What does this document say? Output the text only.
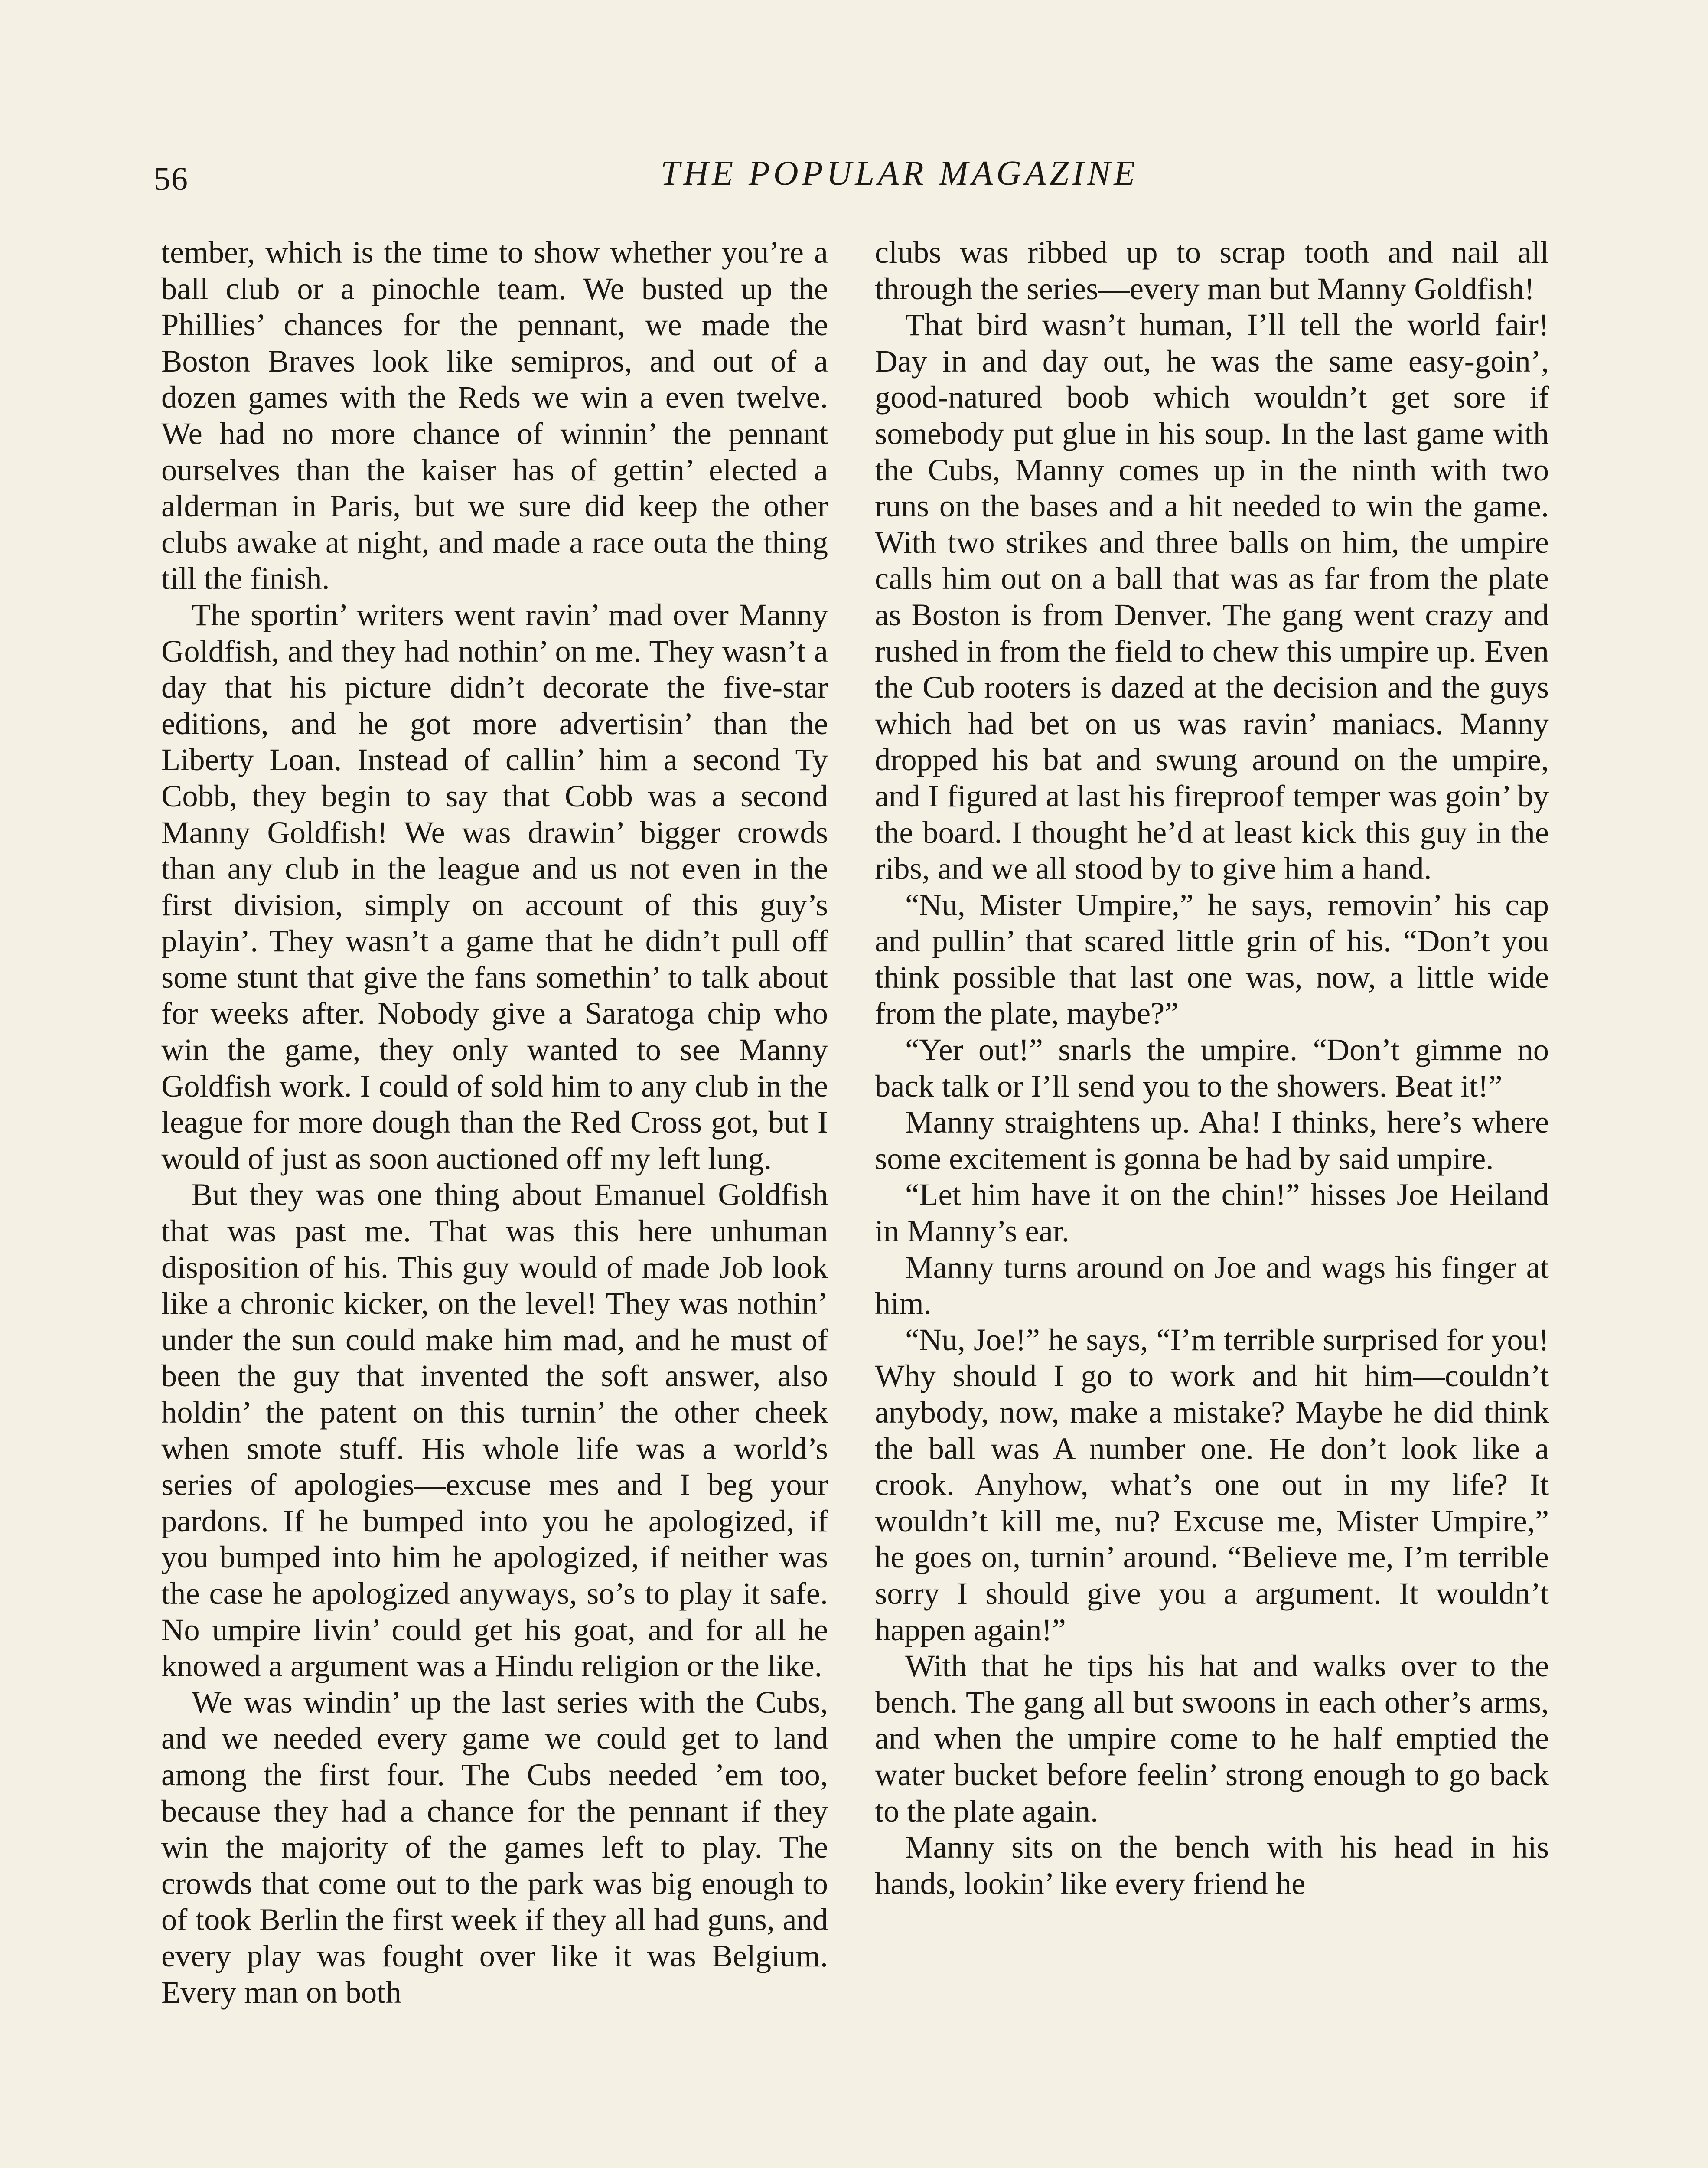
56	THE POPULAR MAGAZINE

tember, which is the time to show whether you’re a ball club or a pinochle team. We busted up the Phillies’ chances for the pennant, we made the Boston Braves look like semipros, and out of a dozen games with the Reds we win a even twelve. We had no more chance of winnin’ the pennant ourselves than the kaiser has of gettin’ elected a alderman in Paris, but we sure did keep the other clubs awake at night, and made a race outa the thing till the finish.

The sportin’ writers went ravin’ mad over Manny Goldfish, and they had nothin’ on me. They wasn’t a day that his picture didn’t decorate the five-star editions, and he got more advertisin’ than the Liberty Loan. Instead of callin’ him a second Ty Cobb, they begin to say that Cobb was a second Manny Goldfish! We was drawin’ bigger crowds than any club in the league and us not even in the first division, simply on account of this guy’s playin’. They wasn’t a game that he didn’t pull off some stunt that give the fans somethin’ to talk about for weeks after. Nobody give a Saratoga chip who win the game, they only wanted to see Manny Goldfish work. I could of sold him to any club in the league for more dough than the Red Cross got, but I would of just as soon auctioned off my left lung.

But they was one thing about Emanuel Goldfish that was past me. That was this here unhuman disposition of his. This guy would of made Job look like a chronic kicker, on the level! They was nothin’ under the sun could make him mad, and he must of been the guy that invented the soft answer, also holdin’ the patent on this turnin’ the other cheek when smote stuff. His whole life was a world’s series of apologies—excuse mes and I beg your pardons. If he bumped into you he apologized, if you bumped into him he apologized, if neither was the case he apologized anyways, so’s to play it safe. No umpire livin’ could get his goat, and for all he knowed a argument was a Hindu religion or the like.

We was windin’ up the last series with the Cubs, and we needed every game we could get to land among the first four. The Cubs needed ’em too, because they had a chance for the pennant if they win the majority of the games left to play. The crowds that come out to the park was big enough to of took Berlin the first week if they all had guns, and every play was fought over like it was Belgium. Every man on both

clubs was ribbed up to scrap tooth and nail all through the series—every man but Manny Goldfish!

That bird wasn’t human, I’ll tell the world fair! Day in and day out, he was the same easy-goin’, good-natured boob which wouldn’t get sore if somebody put glue in his soup. In the last game with the Cubs, Manny comes up in the ninth with two runs on the bases and a hit needed to win the game. With two strikes and three balls on him, the umpire calls him out on a ball that was as far from the plate as Boston is from Denver. The gang went crazy and rushed in from the field to chew this umpire up. Even the Cub rooters is dazed at the decision and the guys which had bet on us was ravin’ maniacs. Manny dropped his bat and swung around on the umpire, and I figured at last his fireproof temper was goin’ by the board. I thought he’d at least kick this guy in the ribs, and we all stood by to give him a hand.

“Nu, Mister Umpire,” he says, removin’ his cap and pullin’ that scared little grin of his. “Don’t you think possible that last one was, now, a little wide from the plate, maybe?”

“Yer out!” snarls the umpire. “Don’t gimme no back talk or I’ll send you to the showers. Beat it!”

Manny straightens up. Aha! I thinks, here’s where some excitement is gonna be had by said umpire.

“Let him have it on the chin!” hisses Joe Heiland in Manny’s ear.

Manny turns around on Joe and wags his finger at him.

“Nu, Joe!” he says, “I’m terrible surprised for you! Why should I go to work and hit him—couldn’t anybody, now, make a mistake? Maybe he did think the ball was A number one. He don’t look like a crook. Anyhow, what’s one out in my life? It wouldn’t kill me, nu? Excuse me, Mister Umpire,” he goes on, turnin’ around. “Believe me, I’m terrible sorry I should give you a argument. It wouldn’t happen again!”

With that he tips his hat and walks over to the bench. The gang all but swoons in each other’s arms, and when the umpire come to he half emptied the water bucket before feelin’ strong enough to go back to the plate again.

Manny sits on the bench with his head in his hands, lookin’ like every friend he
